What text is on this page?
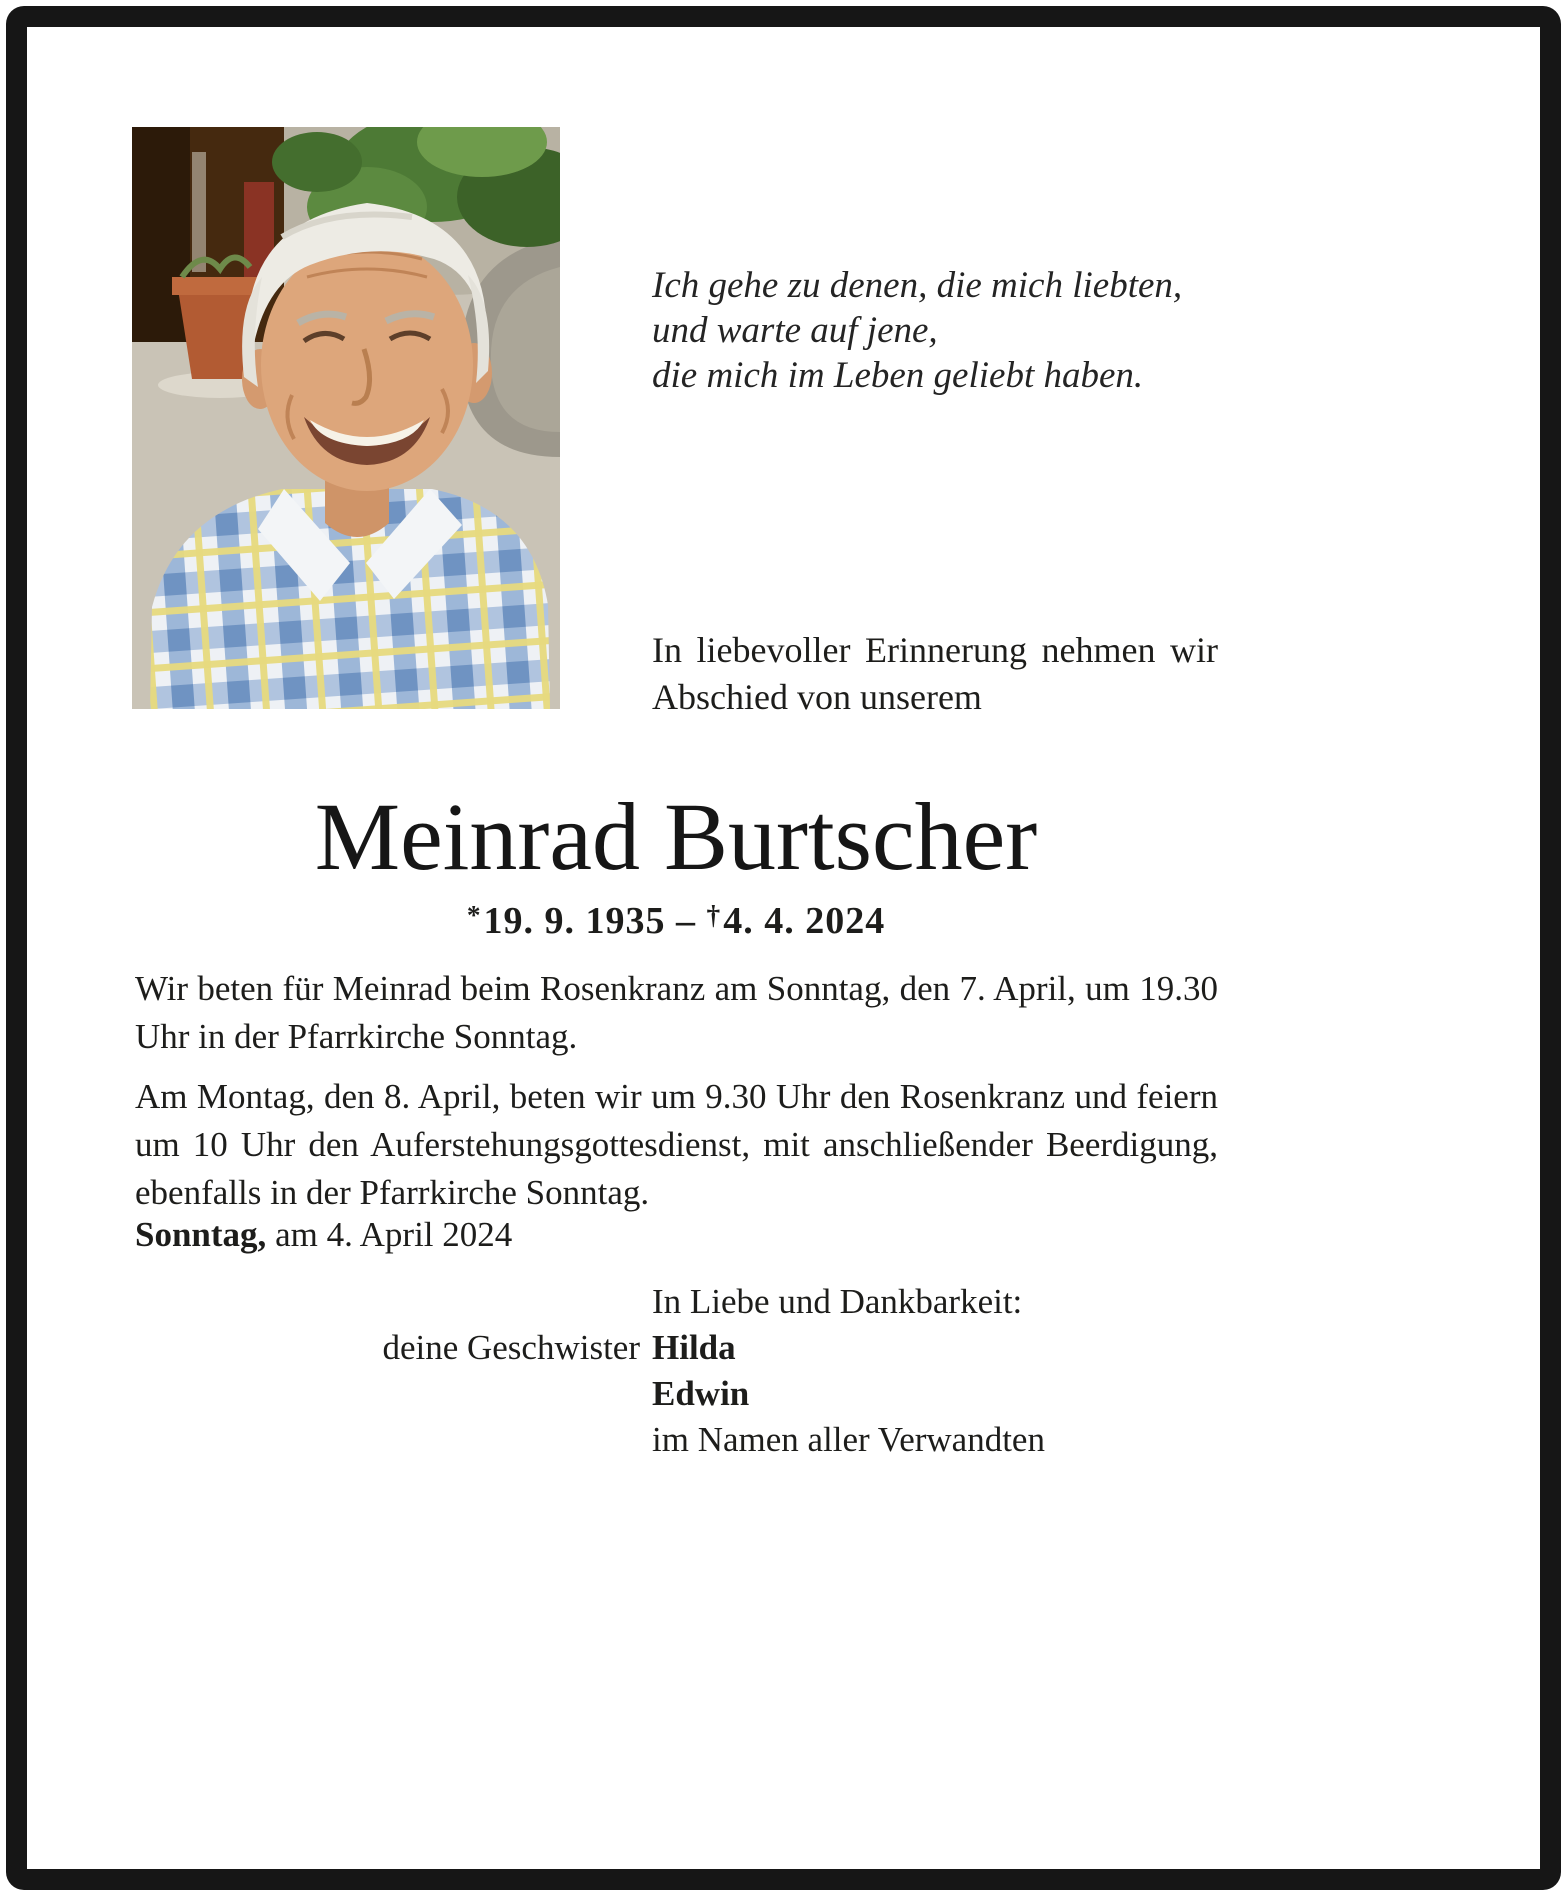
Ich gehe zu denen, die mich liebten,
und warte auf jene,
die mich im Leben geliebt haben.
In liebevoller Erinnerung nehmen wir Abschied von unserem
Meinrad Burtscher
*19. 9. 1935 – †4. 4. 2024
Wir beten für Meinrad beim Rosenkranz am Sonntag, den 7. April, um 19.30 Uhr in der Pfarrkirche Sonntag.
Am Montag, den 8. April, beten wir um 9.30 Uhr den Rosenkranz und feiern um 10 Uhr den Auferstehungsgottesdienst, mit anschließender Beerdigung, ebenfalls in der Pfarrkirche Sonntag.
Sonntag, am 4. April 2024
In Liebe und Dankbarkeit:
deine Geschwister Hilda
Edwin
im Namen aller Verwandten
